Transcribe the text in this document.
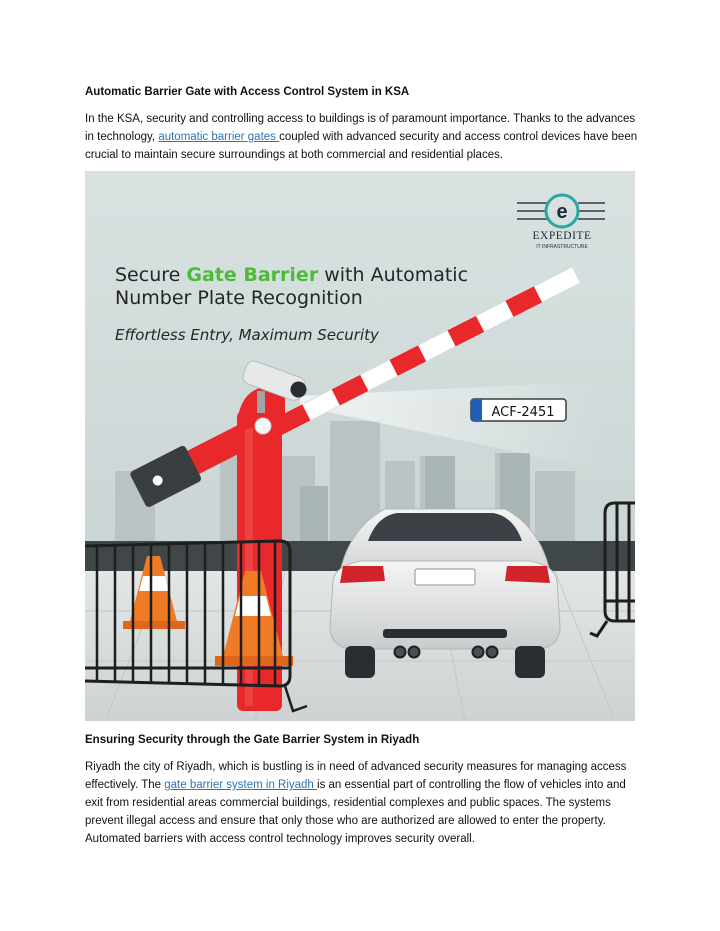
Automatic Barrier Gate with Access Control System in KSA

In the KSA, security and controlling access to buildings is of paramount importance. Thanks to the advances in technology, automatic barrier gates coupled with advanced security and access control devices have been crucial to maintain secure surroundings at both commercial and residential places.

e
EXPEDITE
IT INFRASTRUCTURE
Secure Gate Barrier with Automatic
Number Plate Recognition
Effortless Entry, Maximum Security
ACF-2451
Ensuring Security through the Gate Barrier System in Riyadh

Riyadh the city of Riyadh, which is bustling is in need of advanced security measures for managing access effectively. The gate barrier system in Riyadh is an essential part of controlling the flow of vehicles into and exit from residential areas commercial buildings, residential complexes and public spaces. The systems prevent illegal access and ensure that only those who are authorized are allowed to enter the property. Automated barriers with access control technology improves security overall.
